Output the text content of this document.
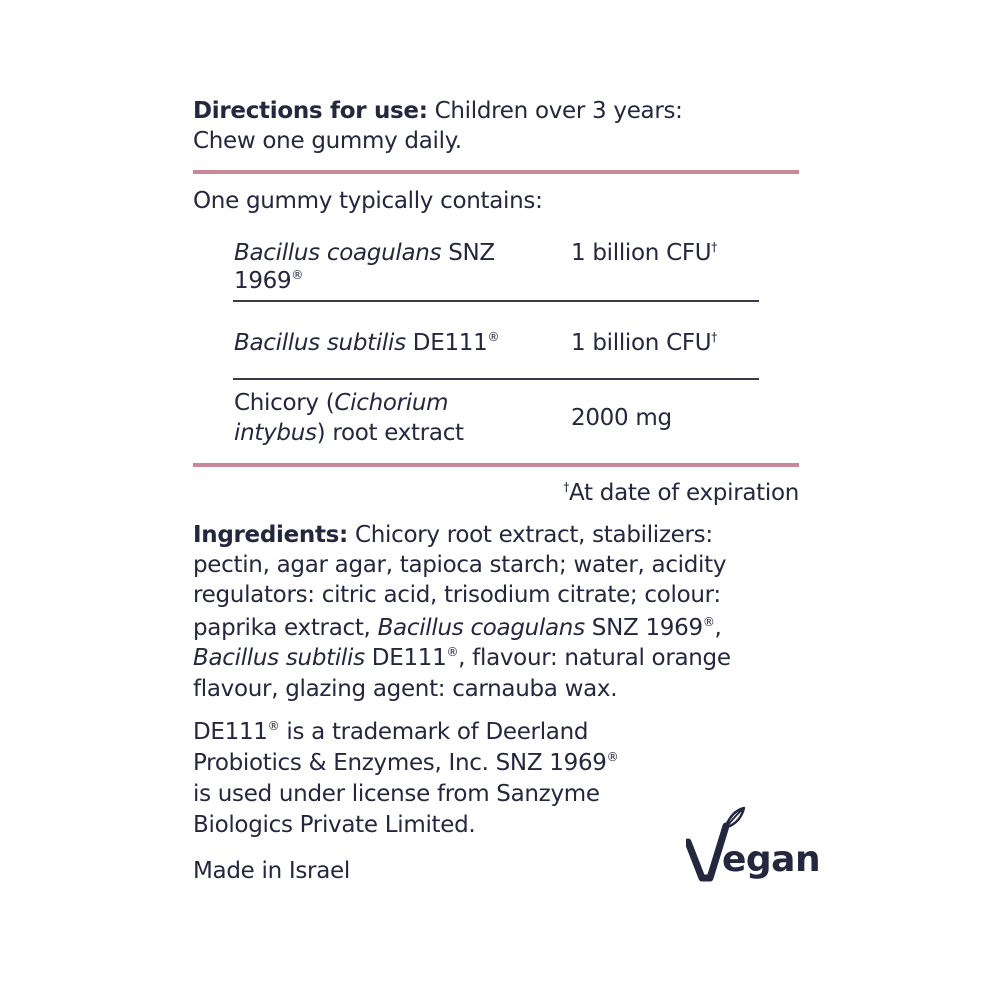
Directions for use: Children over 3 years:
Chew one gummy daily.
One gummy typically contains:
Bacillus coagulans SNZ
1969®
1 billion CFU†
Bacillus subtilis DE111®	1 billion CFU†
Chicory (Cichorium
intybus) root extract
2000 mg
†At date of expiration
Ingredients: Chicory root extract, stabilizers:
pectin, agar agar, tapioca starch; water, acidity
regulators: citric acid, trisodium citrate; colour:
paprika extract, Bacillus coagulans SNZ 1969®,
Bacillus subtilis DE111®, flavour: natural orange
flavour, glazing agent: carnauba wax.
DE111® is a trademark of Deerland
Probiotics & Enzymes, Inc. SNZ 1969®
is used under license from Sanzyme
Biologics Private Limited.
Made in Israel	egan
